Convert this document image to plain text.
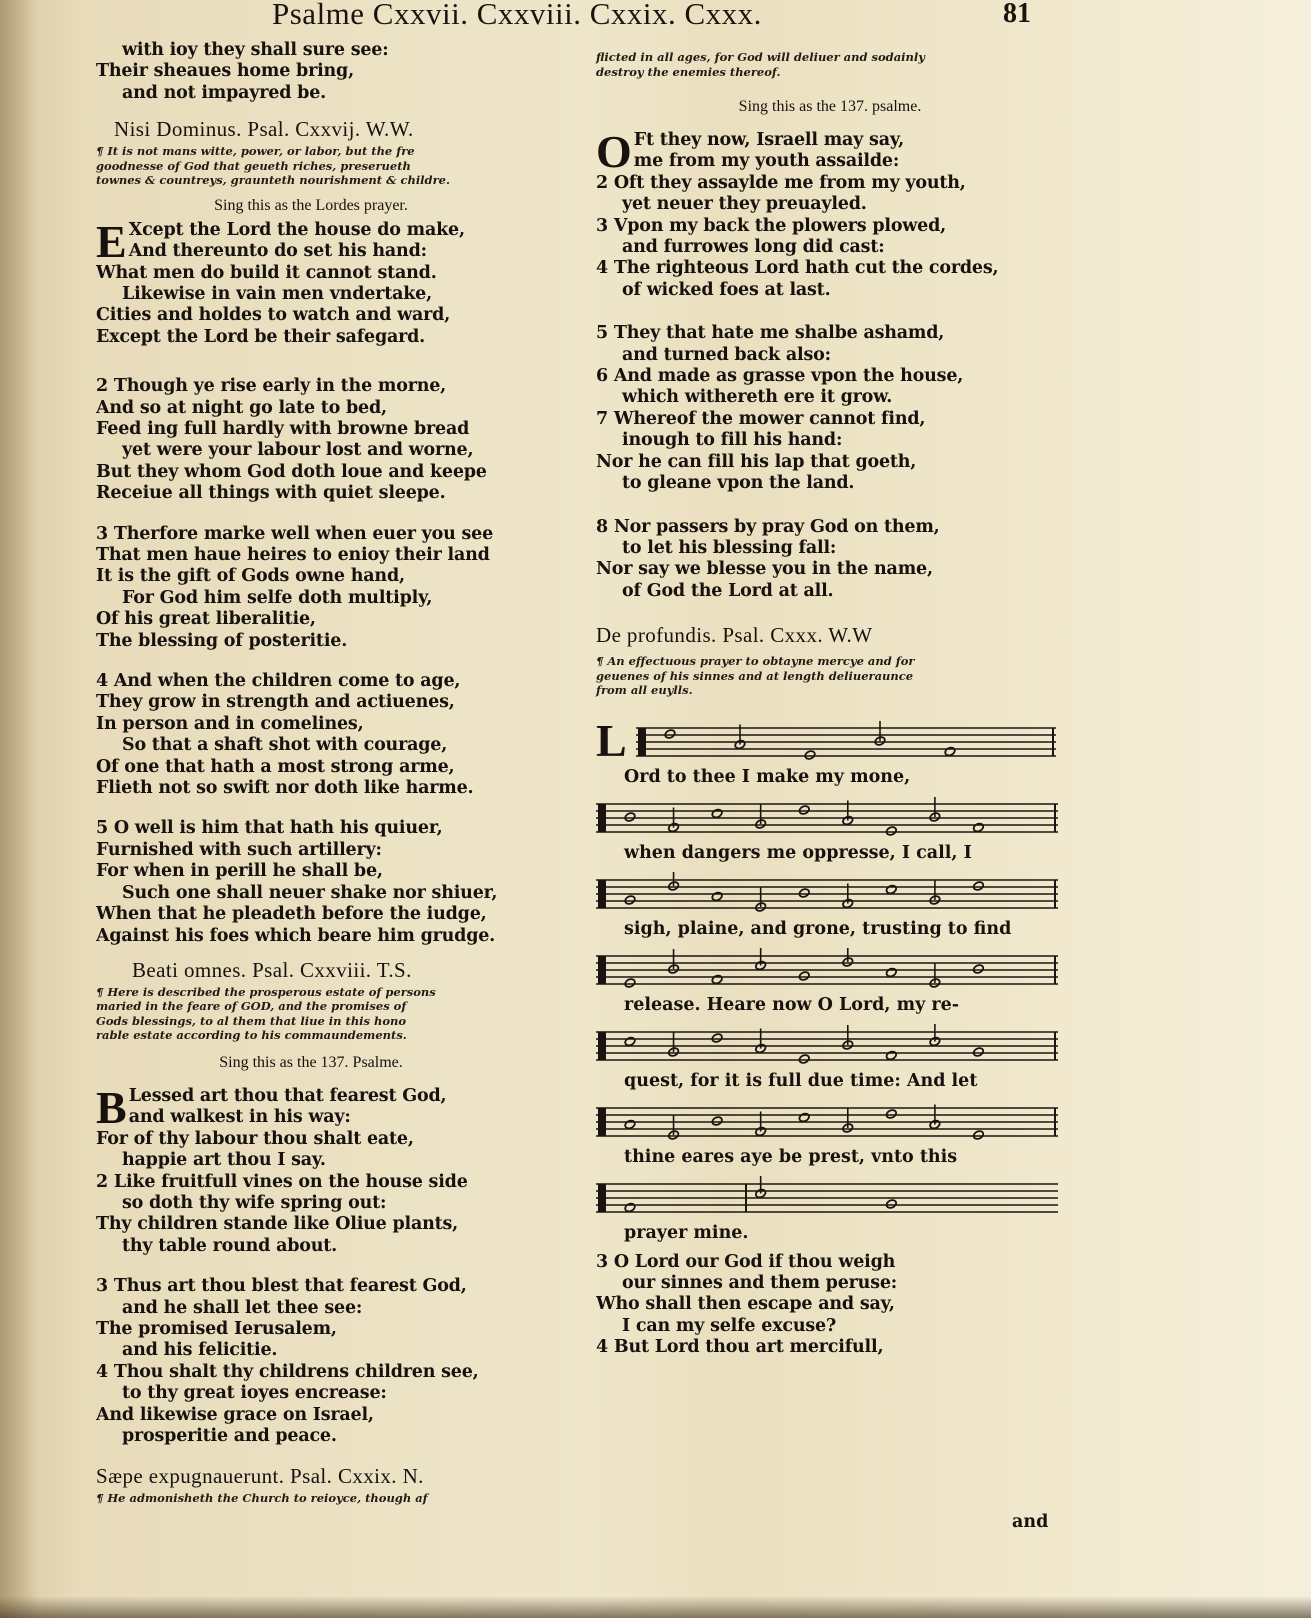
Psalme Cxxvii. Cxxviii. Cxxix. Cxxx.	81
with ioy they shall sure see:
Their sheaues home bring,
and not impayred be.
Nisi Dominus. Psal. Cxxvij. W.W.
¶ It is not mans witte, power, or labor, but the fre
goodnesse of God that geueth riches, preserueth
townes & countreys, graunteth nourishment & childre.
Sing this as the Lordes prayer.
E Xcept the Lord the house do make,
And thereunto do set his hand:
What men do build it cannot stand.
Likewise in vain men vndertake,
Cities and holdes to watch and ward,
Except the Lord be their safegard.
2 Though ye rise early in the morne,
And so at night go late to bed,
Feed ing full hardly with browne bread
yet were your labour lost and worne,
But they whom God doth loue and keepe
Receiue all things with quiet sleepe.
3 Therfore marke well when euer you see
That men haue heires to enioy their land
It is the gift of Gods owne hand,
For God him selfe doth multiply,
Of his great liberalitie,
The blessing of posteritie.
4 And when the children come to age,
They grow in strength and actiuenes,
In person and in comelines,
So that a shaft shot with courage,
Of one that hath a most strong arme,
Flieth not so swift nor doth like harme.
5 O well is him that hath his quiuer,
Furnished with such artillery:
For when in perill he shall be,
Such one shall neuer shake nor shiuer,
When that he pleadeth before the iudge,
Against his foes which beare him grudge.
Beati omnes. Psal. Cxxviii. T.S.
¶ Here is described the prosperous estate of persons
maried in the feare of GOD, and the promises of
Gods blessings, to al them that liue in this hono
rable estate according to his commaundements.
Sing this as the 137. Psalme.
B Lessed art thou that fearest God,
and walkest in his way:
For of thy labour thou shalt eate,
happie art thou I say.
2 Like fruitfull vines on the house side
so doth thy wife spring out:
Thy children stande like Oliue plants,
thy table round about.
3 Thus art thou blest that fearest God,
and he shall let thee see:
The promised Ierusalem,
and his felicitie.
4 Thou shalt thy childrens children see,
to thy great ioyes encrease:
And likewise grace on Israel,
prosperitie and peace.
Sæpe expugnauerunt. Psal. Cxxix. N.
¶ He admonisheth the Church to reioyce, though af
flicted in all ages, for God will deliuer and sodainly
destroy the enemies thereof.
Sing this as the 137. psalme.
O Ft they now, Israell may say,
me from my youth assailde:
2 Oft they assaylde me from my youth,
yet neuer they preuayled.
3 Vpon my back the plowers plowed,
and furrowes long did cast:
4 The righteous Lord hath cut the cordes,
of wicked foes at last.
5 They that hate me shalbe ashamd,
and turned back also:
6 And made as grasse vpon the house,
which withereth ere it grow.
7 Whereof the mower cannot find,
inough to fill his hand:
Nor he can fill his lap that goeth,
to gleane vpon the land.
8 Nor passers by pray God on them,
to let his blessing fall:
Nor say we blesse you in the name,
of God the Lord at all.
De profundis. Psal. Cxxx. W.W
¶ An effectuous prayer to obtayne mercye and for
geuenes of his sinnes and at length deliueraunce
from all euylls.
L
Ord to thee I make my mone,
when dangers me oppresse, I call, I
sigh, plaine, and grone, trusting to find
release. Heare now O Lord, my re-
quest, for it is full due time: And let
thine eares aye be prest, vnto this
prayer mine.
3 O Lord our God if thou weigh
our sinnes and them peruse:
Who shall then escape and say,
I can my selfe excuse?
4 But Lord thou art mercifull,
and
